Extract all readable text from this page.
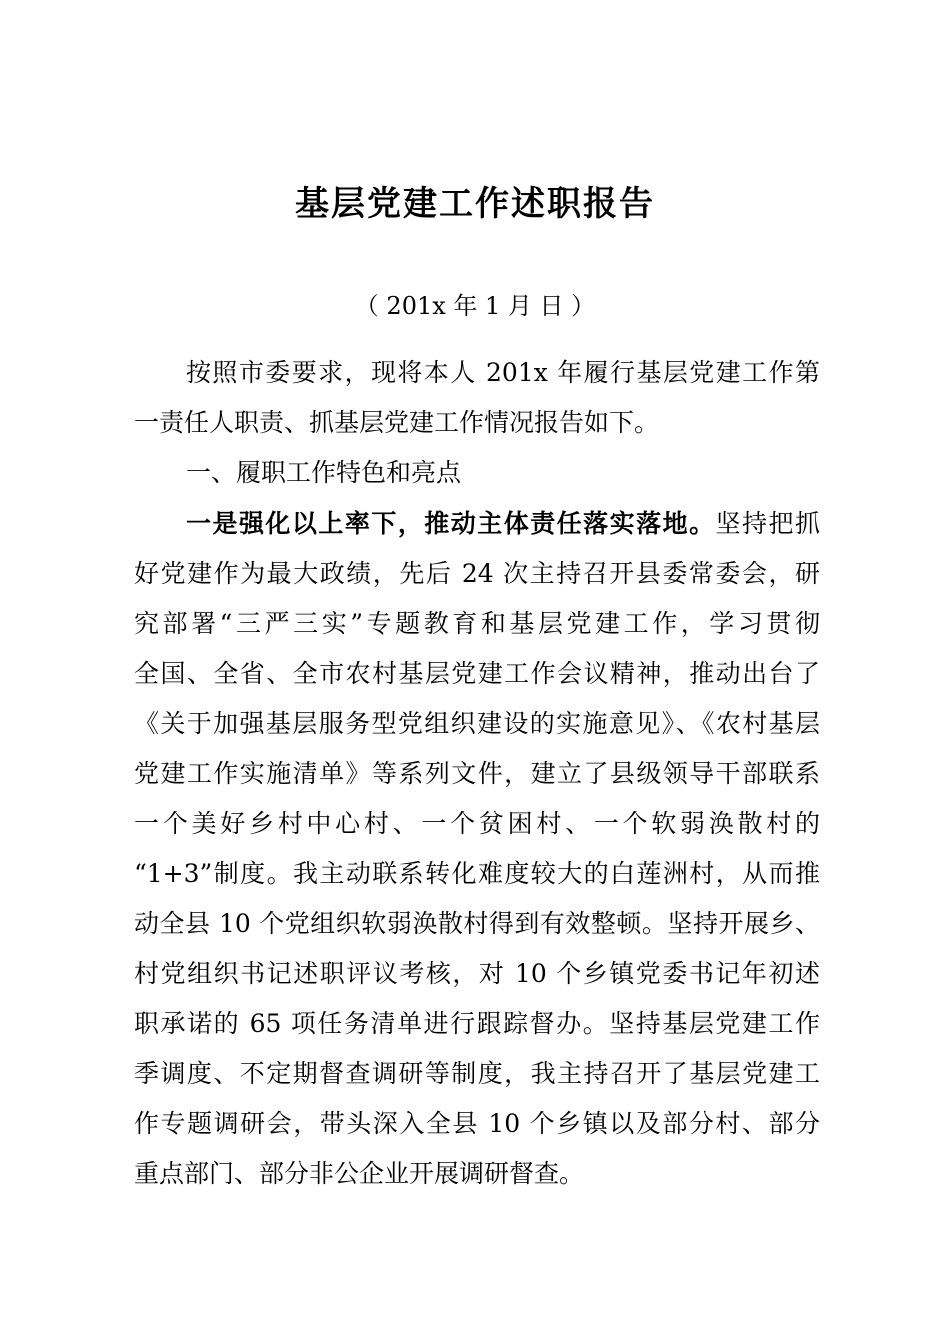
基层党建工作述职报告
（ 201x 年 1 月 日 ）
按照市委要求，现将本人 201x 年履行基层党建工作第
一责任人职责、抓基层党建工作情况报告如下。
一、履职工作特色和亮点
一是强化以上率下，推动主体责任落实落地。坚持把抓
好党建作为最大政绩，先后 24 次主持召开县委常委会，研
究部署“三严三实”专题教育和基层党建工作，学习贯彻
全国、全省、全市农村基层党建工作会议精神，推动出台了
《关于加强基层服务型党组织建设的实施意见》、《农村基层
党建工作实施清单》等系列文件，建立了县级领导干部联系
一个美好乡村中心村、一个贫困村、一个软弱涣散村的
“1+3”制度。我主动联系转化难度较大的白莲洲村，从而推
动全县 10 个党组织软弱涣散村得到有效整顿。坚持开展乡、
村党组织书记述职评议考核，对 10 个乡镇党委书记年初述
职承诺的 65 项任务清单进行跟踪督办。坚持基层党建工作
季调度、不定期督查调研等制度，我主持召开了基层党建工
作专题调研会，带头深入全县 10 个乡镇以及部分村、部分
重点部门、部分非公企业开展调研督查。
